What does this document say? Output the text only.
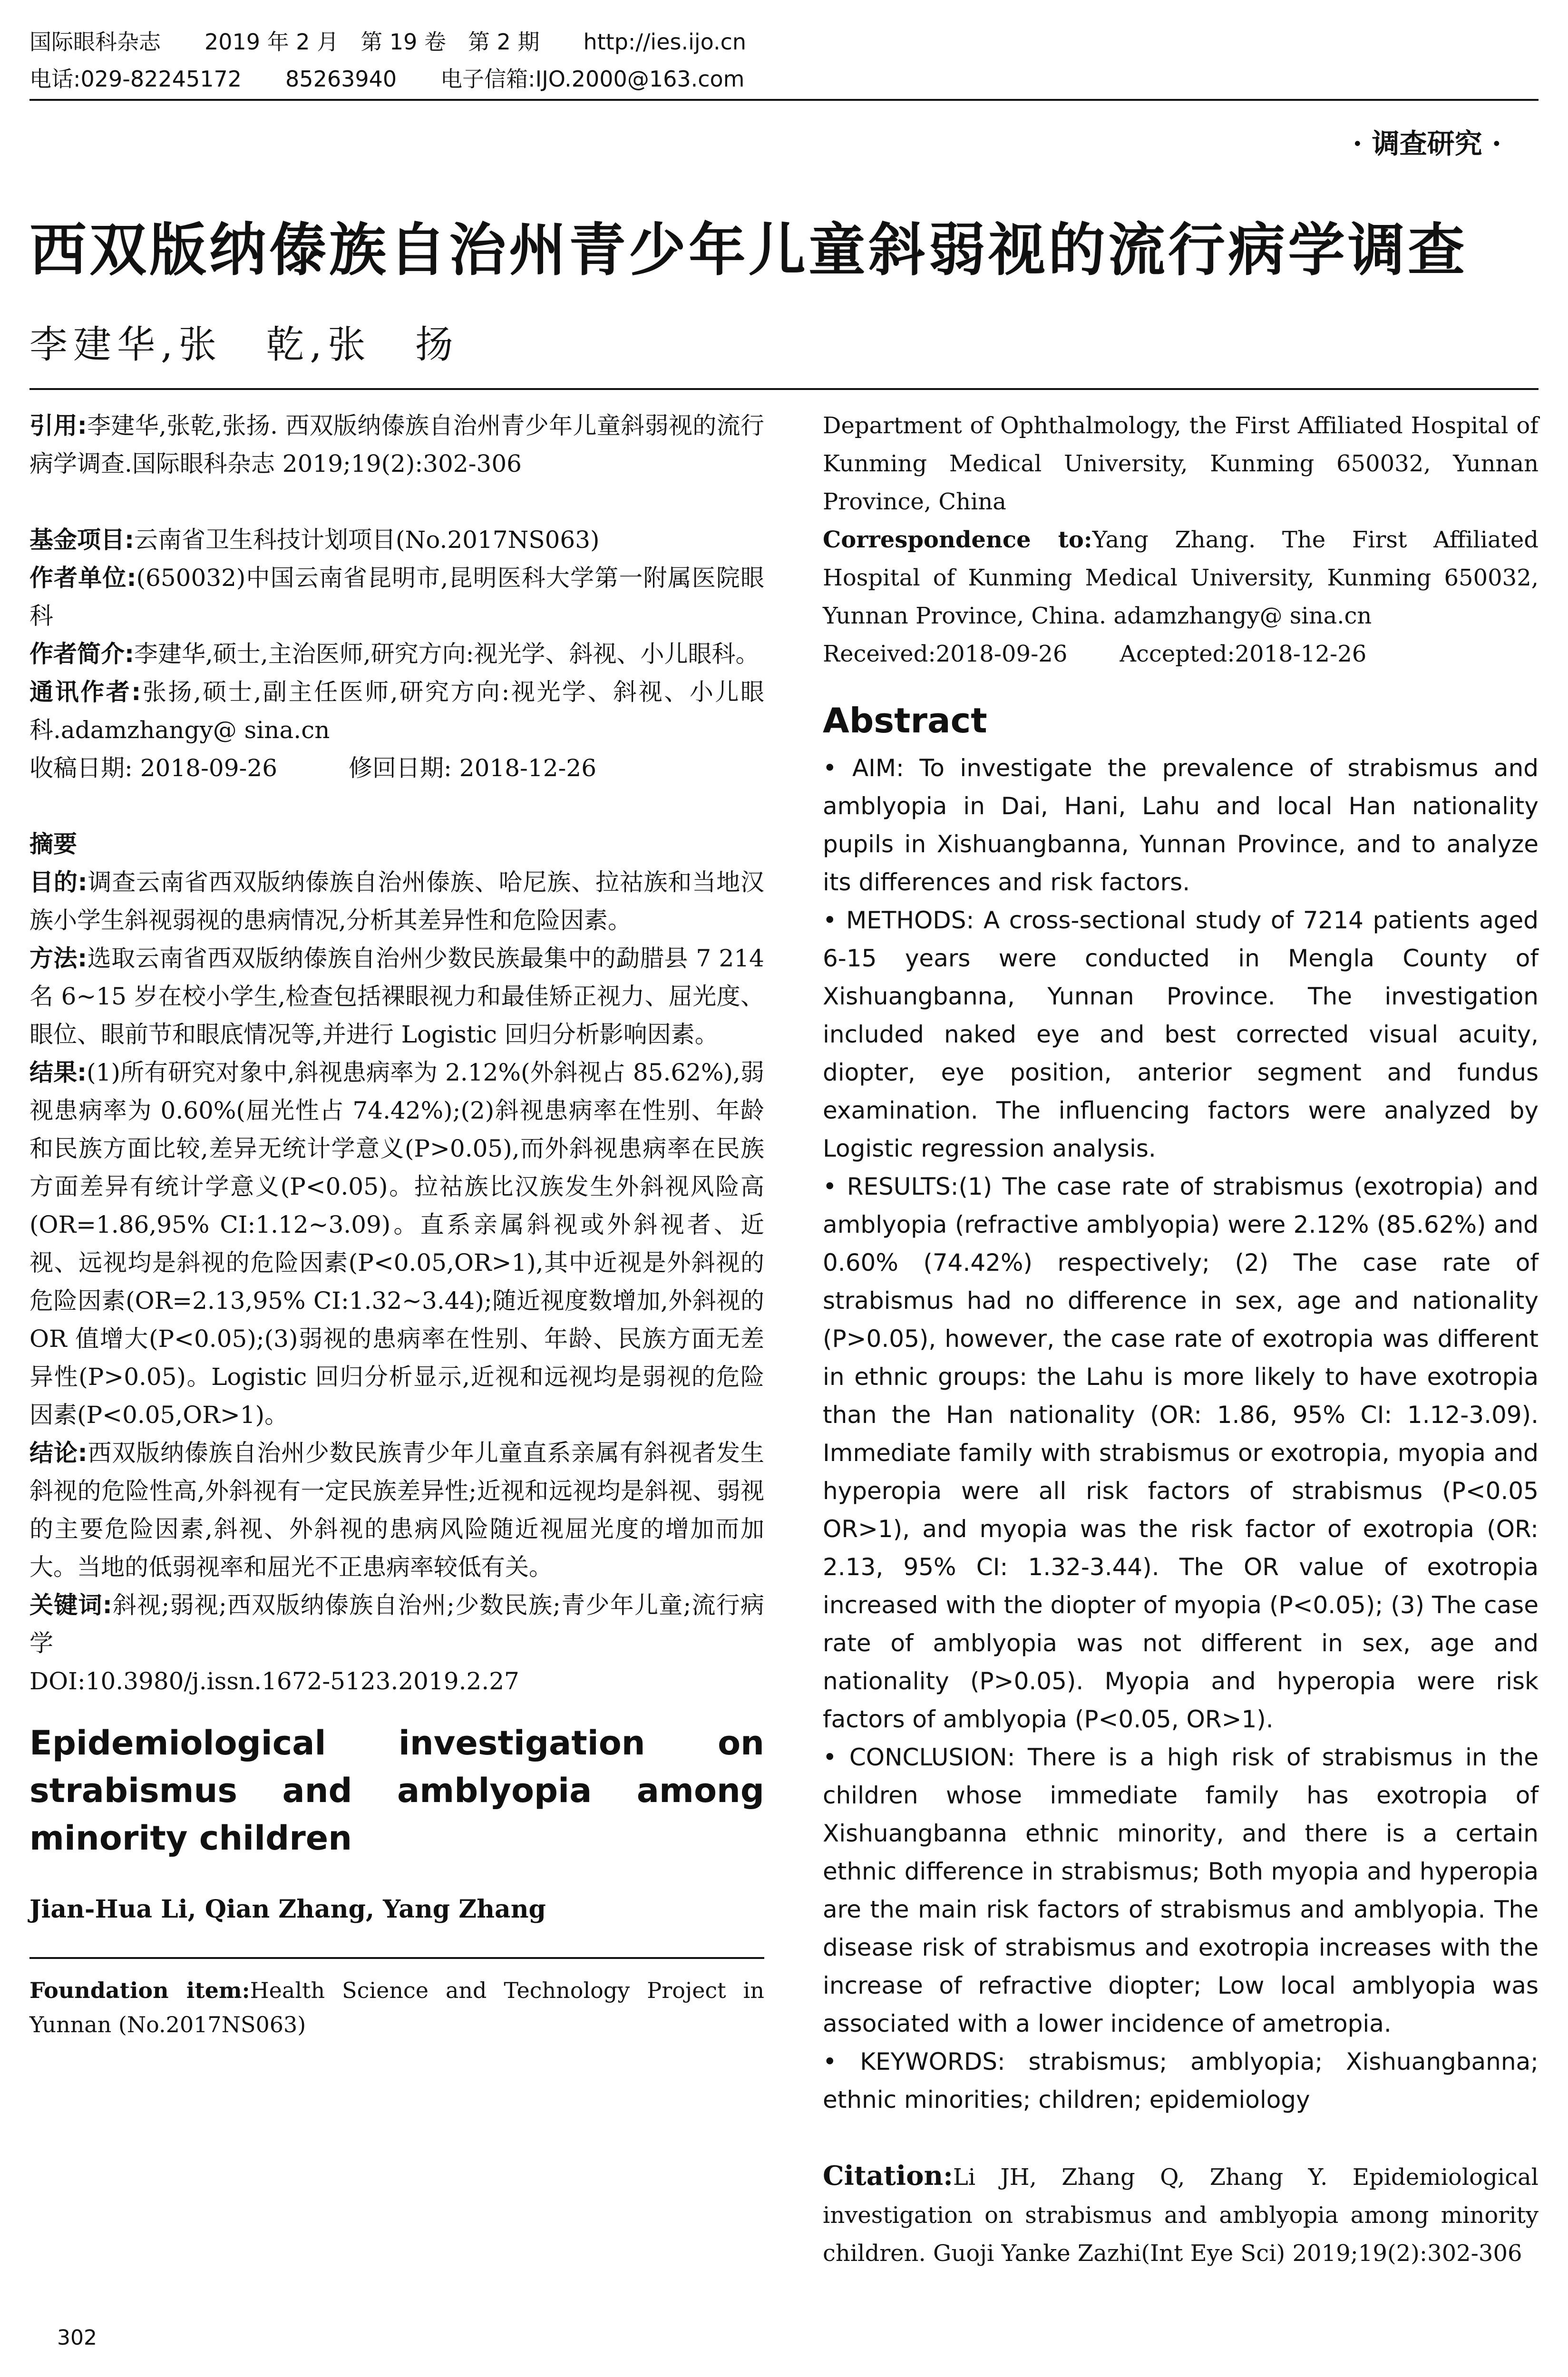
国际眼科杂志　　2019 年 2 月　第 19 卷　第 2 期　　http://ies.ijo.cn
电话:029-82245172　　85263940　　电子信箱:IJO.2000@163.com
· 调查研究 ·
西双版纳傣族自治州青少年儿童斜弱视的流行病学调查
李建华,张　乾,张　扬

引用:李建华,张乾,张扬. 西双版纳傣族自治州青少年儿童斜弱视的流行病学调查.国际眼科杂志 2019;19(2):302-306

基金项目:云南省卫生科技计划项目(No.2017NS063)

作者单位:(650032)中国云南省昆明市,昆明医科大学第一附属医院眼科

作者简介:李建华,硕士,主治医师,研究方向:视光学、斜视、小儿眼科。

通讯作者:张扬,硕士,副主任医师,研究方向:视光学、斜视、小儿眼科.adamzhangy@ sina.cn

收稿日期: 2018-09-26　　　修回日期: 2018-12-26

摘要

目的:调查云南省西双版纳傣族自治州傣族、哈尼族、拉祜族和当地汉族小学生斜视弱视的患病情况,分析其差异性和危险因素。

方法:选取云南省西双版纳傣族自治州少数民族最集中的勐腊县 7 214 名 6~15 岁在校小学生,检查包括裸眼视力和最佳矫正视力、屈光度、眼位、眼前节和眼底情况等,并进行 Logistic 回归分析影响因素。

结果:(1)所有研究对象中,斜视患病率为 2.12%(外斜视占 85.62%),弱视患病率为 0.60%(屈光性占 74.42%);(2)斜视患病率在性别、年龄和民族方面比较,差异无统计学意义(P>0.05),而外斜视患病率在民族方面差异有统计学意义(P<0.05)。拉祜族比汉族发生外斜视风险高(OR=1.86,95% CI:1.12~3.09)。直系亲属斜视或外斜视者、近视、远视均是斜视的危险因素(P<0.05,OR>1),其中近视是外斜视的危险因素(OR=2.13,95% CI:1.32~3.44);随近视度数增加,外斜视的 OR 值增大(P<0.05);(3)弱视的患病率在性别、年龄、民族方面无差异性(P>0.05)。Logistic 回归分析显示,近视和远视均是弱视的危险因素(P<0.05,OR>1)。

结论:西双版纳傣族自治州少数民族青少年儿童直系亲属有斜视者发生斜视的危险性高,外斜视有一定民族差异性;近视和远视均是斜视、弱视的主要危险因素,斜视、外斜视的患病风险随近视屈光度的增加而加大。当地的低弱视率和屈光不正患病率较低有关。

关键词:斜视;弱视;西双版纳傣族自治州;少数民族;青少年儿童;流行病学

DOI:10.3980/j.issn.1672-5123.2019.2.27

Epidemiological investigation on strabismus and amblyopia among minority children

Jian-Hua Li, Qian Zhang, Yang Zhang

Foundation item:Health Science and Technology Project in Yunnan (No.2017NS063)

Department of Ophthalmology, the First Affiliated Hospital of Kunming Medical University, Kunming 650032, Yunnan Province, China

Correspondence to:Yang Zhang. The First Affiliated Hospital of Kunming Medical University, Kunming 650032, Yunnan Province, China. adamzhangy@ sina.cn

Received:2018-09-26 Accepted:2018-12-26

Abstract

• AIM: To investigate the prevalence of strabismus and amblyopia in Dai, Hani, Lahu and local Han nationality pupils in Xishuangbanna, Yunnan Province, and to analyze its differences and risk factors.

• METHODS: A cross-sectional study of 7214 patients aged 6-15 years were conducted in Mengla County of Xishuangbanna, Yunnan Province. The investigation included naked eye and best corrected visual acuity, diopter, eye position, anterior segment and fundus examination. The influencing factors were analyzed by Logistic regression analysis.

• RESULTS:(1) The case rate of strabismus (exotropia) and amblyopia (refractive amblyopia) were 2.12% (85.62%) and 0.60% (74.42%) respectively; (2) The case rate of strabismus had no difference in sex, age and nationality (P>0.05), however, the case rate of exotropia was different in ethnic groups: the Lahu is more likely to have exotropia than the Han nationality (OR: 1.86, 95% CI: 1.12-3.09). Immediate family with strabismus or exotropia, myopia and hyperopia were all risk factors of strabismus (P<0.05 OR>1), and myopia was the risk factor of exotropia (OR: 2.13, 95% CI: 1.32-3.44). The OR value of exotropia increased with the diopter of myopia (P<0.05); (3) The case rate of amblyopia was not different in sex, age and nationality (P>0.05). Myopia and hyperopia were risk factors of amblyopia (P<0.05, OR>1).

• CONCLUSION: There is a high risk of strabismus in the children whose immediate family has exotropia of Xishuangbanna ethnic minority, and there is a certain ethnic difference in strabismus; Both myopia and hyperopia are the main risk factors of strabismus and amblyopia. The disease risk of strabismus and exotropia increases with the increase of refractive diopter; Low local amblyopia was associated with a lower incidence of ametropia.

• KEYWORDS: strabismus; amblyopia; Xishuangbanna; ethnic minorities; children; epidemiology

Citation:Li JH, Zhang Q, Zhang Y. Epidemiological investigation on strabismus and amblyopia among minority children. Guoji Yanke Zazhi(Int Eye Sci) 2019;19(2):302-306

302
